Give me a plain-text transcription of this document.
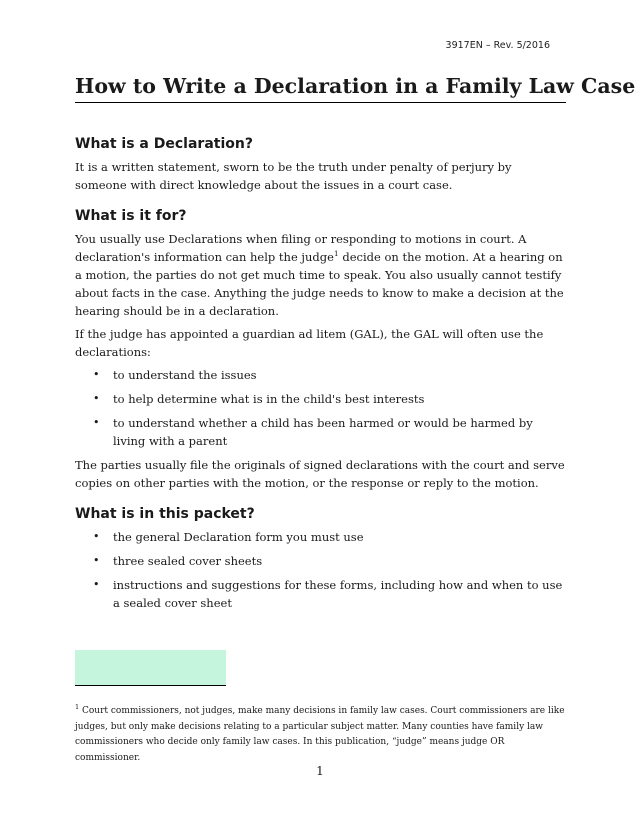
3917EN – Rev. 5/2016
How to Write a Declaration in a Family Law Case
What is a Declaration?

It is a written statement, sworn to be the truth under penalty of perjury by someone with direct knowledge about the issues in a court case.

What is it for?

You usually use Declarations when filing or responding to motions in court. A declaration's information can help the judge$^1$ decide on the motion. At a hearing on a motion, the parties do not get much time to speak. You also usually cannot testify about facts in the case. Anything the judge needs to know to make a decision at the hearing should be in a declaration.

If the judge has appointed a guardian ad litem (GAL), the GAL will often use the declarations:

• to understand the issues
• to help determine what is in the child's best interests
• to understand whether a child has been harmed or would be harmed by living with a parent

The parties usually file the originals of signed declarations with the court and serve copies on other parties with the motion, or the response or reply to the motion.

What is in this packet?
• the general Declaration form you must use
• three sealed cover sheets
• instructions and suggestions for these forms, including how and when to use a sealed cover sheet

$^1$ Court commissioners, not judges, make many decisions in family law cases. Court commissioners are like judges, but only make decisions relating to a particular subject matter. Many counties have family law commissioners who decide only family law cases. In this publication, “judge” means judge OR commissioner.

1
